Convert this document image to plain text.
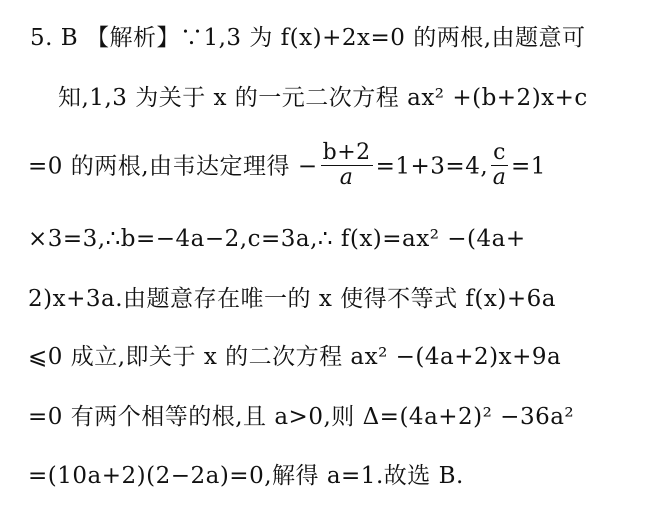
5. B 【解析】∵1,3 为 f(x)+2x=0 的两根,由题意可
知,1,3 为关于 x 的一元二次方程 ax² +(b+2)x+c
=0 的两根,由韦达定理得 − $\frac{b+2}{a} =1+3=4$, $\frac{c}{a} =1$
×3=3,∴b=−4a−2,c=3a,∴ f(x)=ax² −(4a+
2)x+3a.由题意存在唯一的 x 使得不等式 f(x)+6a
⩽0 成立,即关于 x 的二次方程 ax² −(4a+2)x+9a
=0 有两个相等的根,且 a>0,则 Δ=(4a+2)² −36a²
=(10a+2)(2−2a)=0,解得 a=1.故选 B.
